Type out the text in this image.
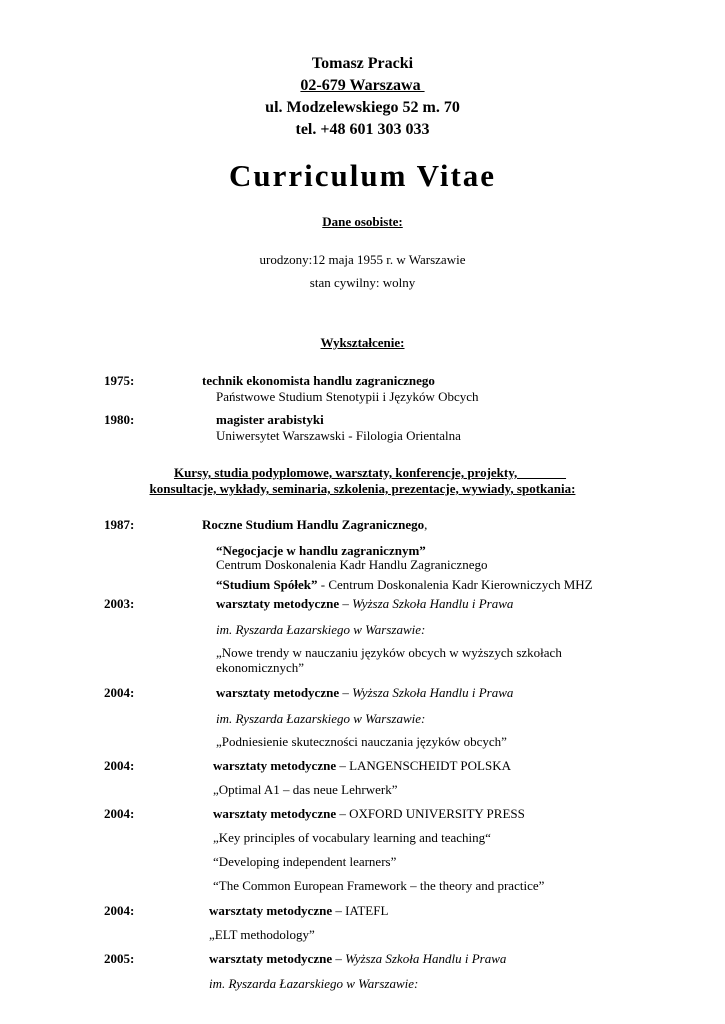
Tomasz Pracki
02-679 Warszawa
ul. Modzelewskiego 52 m. 70
tel. +48 601 303 033
Curriculum Vitae
Dane osobiste:
urodzony:12 maja 1955 r. w Warszawie
stan cywilny: wolny
Wykształcenie:
1975:	technik ekonomista handlu zagranicznego
Państwowe Studium Stenotypii i Języków Obcych
1980:	magister arabistyki
Uniwersytet Warszawski - Filologia Orientalna
Kursy, studia podyplomowe, warsztaty, konferencje, projekty,
konsultacje, wykłady, seminaria, szkolenia, prezentacje, wywiady, spotkania:
1987:	Roczne Studium Handlu Zagranicznego,
“Negocjacje w handlu zagranicznym”
Centrum Doskonalenia Kadr Handlu Zagranicznego
“Studium Spółek” - Centrum Doskonalenia Kadr Kierowniczych MHZ
2003:	warsztaty metodyczne – Wyższa Szkoła Handlu i Prawa
im. Ryszarda Łazarskiego w Warszawie:
„Nowe trendy w nauczaniu języków obcych w wyższych szkołach
ekonomicznych”
2004:	warsztaty metodyczne – Wyższa Szkoła Handlu i Prawa
im. Ryszarda Łazarskiego w Warszawie:
„Podniesienie skuteczności nauczania języków obcych”
2004:	warsztaty metodyczne – LANGENSCHEIDT POLSKA
„Optimal A1 – das neue Lehrwerk”
2004:	warsztaty metodyczne – OXFORD UNIVERSITY PRESS
„Key principles of vocabulary learning and teaching“
“Developing independent learners”
“The Common European Framework – the theory and practice”
2004:	warsztaty metodyczne – IATEFL
„ELT methodology”
2005:	warsztaty metodyczne – Wyższa Szkoła Handlu i Prawa
im. Ryszarda Łazarskiego w Warszawie:
